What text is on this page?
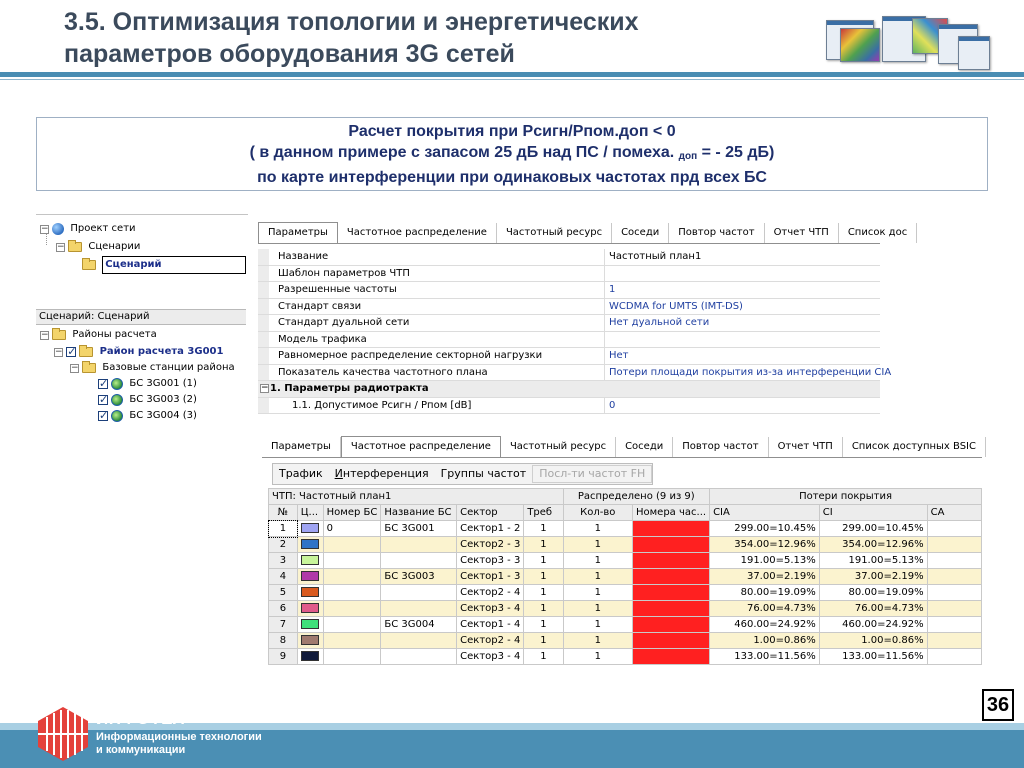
3.5. Оптимизация топологии и энергетических
параметров оборудования 3G сетей
Расчет покрытия при Рсигн/Рпом.доп < 0
( в данном примере с запасом 25 дБ над ПС / помеха. $_{доп}$ = - 25 дБ)
по карте интерференции при одинаковых частотах прд всех БС
− Проект сети
− Сценарии
Сценарий
Сценарий: Сценарий
− Районы расчета
− ✓	Район расчета 3G001
− Базовые станции района
✓  БС 3G001 (1)
✓  БС 3G003 (2)
✓  БС 3G004 (3)
Параметры Частотное распределение Частотный ресурс Соседи Повтор частот Отчет ЧТП Список дос
Название	Частотный план1
Шаблон параметров ЧТП
Разрешенные частоты	1
Стандарт связи	WCDMA for UMTS (IMT-DS)
Стандарт дуальной сети	Нет дуальной сети
Модель трафика
Равномерное распределение секторной нагрузки	Нет
Показатель качества частотного плана	Потери площади покрытия из-за интерференции CIA
− 1. Параметры радиотракта
1.1. Допустимое Рсигн / Рпом [dB]	0
Параметры Частотное распределение Частотный ресурс Соседи Повтор частот Отчет ЧТП Список доступных BSIC
Трафик Интерференция Группы частот Посл-ти частот FH
ЧТП: Частотный план1						Распределено (9 из 9)		Потери покрытия		
№	Ц...	Номер БС	Название БС	Сектор	Треб	Кол-во	Номера час...	CIA	CI	CA
1		0	БС 3G001	Сектор1 - 2	1	1	1	299.00=10.45%	299.00=10.45%	
2				Сектор2 - 3	1	1	1	354.00=12.96%	354.00=12.96%	
3				Сектор3 - 3	1	1	1	191.00=5.13%	191.00=5.13%	
4			БС 3G003	Сектор1 - 3	1	1	1	37.00=2.19%	37.00=2.19%	
5				Сектор2 - 4	1	1	1	80.00=19.09%	80.00=19.09%	
6				Сектор3 - 4	1	1	1	76.00=4.73%	76.00=4.73%	
7			БС 3G004	Сектор1 - 4	1	1	1	460.00=24.92%	460.00=24.92%	
8				Сектор2 - 4	1	1	1	1.00=0.86%	1.00=0.86%	
9				Сектор3 - 4	1	1	1	133.00=11.56%	133.00=11.56%	
36
ИНФОТЕЛ
Информационные технологии
и коммуникации
